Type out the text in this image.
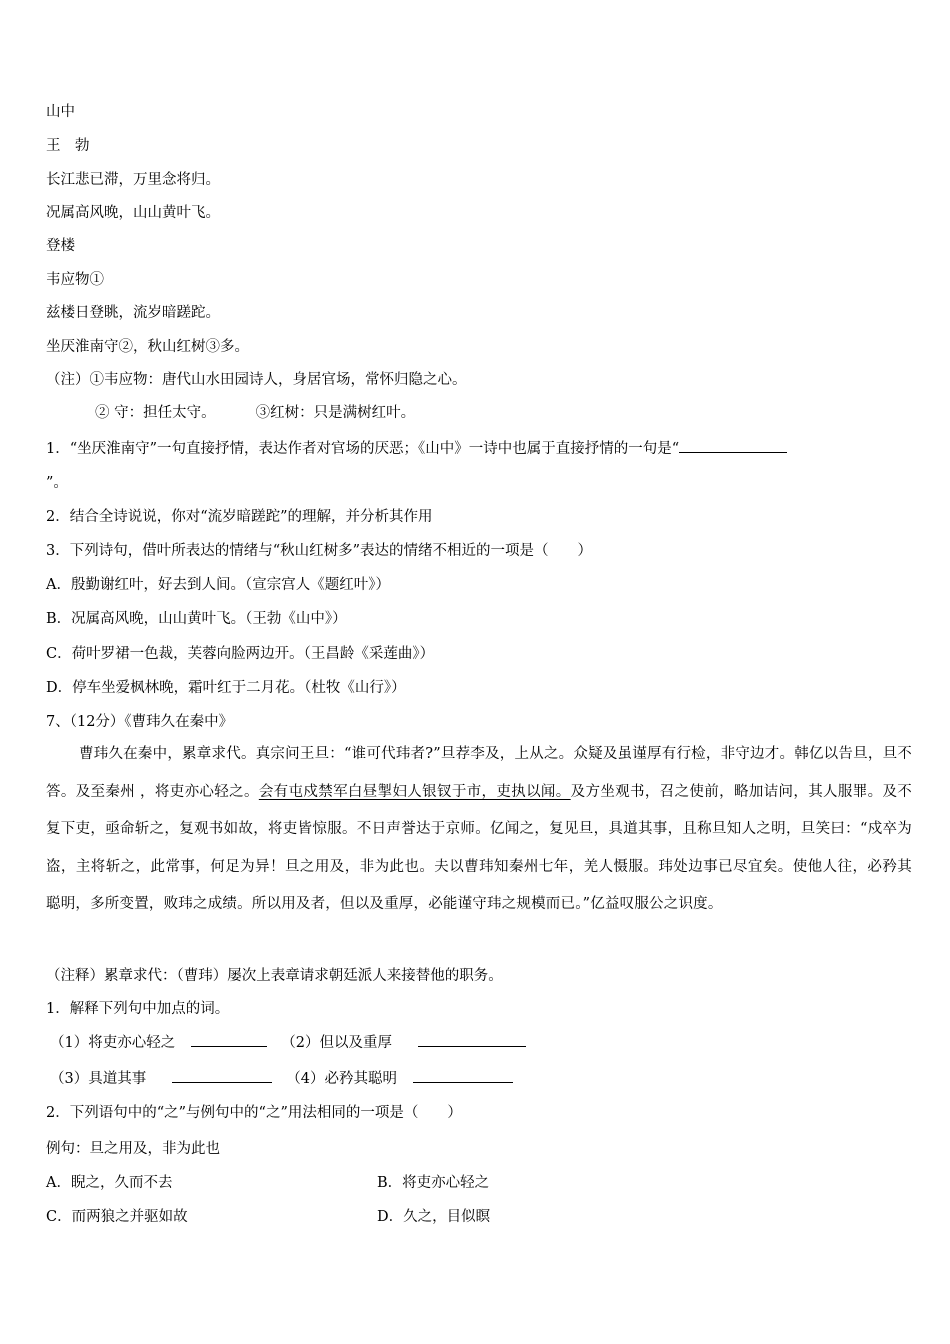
山中
王　勃
长江悲已滞，万里念将归。
况属高风晚，山山黄叶飞。
登楼
韦应物①
兹楼日登眺，流岁暗蹉跎。
坐厌淮南守②，秋山红树③多。
（注）①韦应物：唐代山水田园诗人，身居官场，常怀归隐之心。
② 守：担任太守。	③红树：只是满树红叶。
1．“坐厌淮南守”一句直接抒情，表达作者对官场的厌恶；《山中》一诗中也属于直接抒情的一句是“
”。
2．结合全诗说说，你对“流岁暗蹉跎”的理解，并分析其作用
3．下列诗句，借叶所表达的情绪与“秋山红树多”表达的情绪不相近的一项是（　　）
A．殷勤谢红叶，好去到人间。（宣宗宫人《题红叶》）
B．况属高风晚，山山黄叶飞。（王勃《山中》）
C．荷叶罗裙一色裁，芙蓉向脸两边开。（王昌龄《采莲曲》）
D．停车坐爱枫林晚，霜叶红于二月花。（杜牧《山行》）
7、（12分）《曹玮久在秦中》
曹玮久在秦中，累章求代。真宗问王旦：“谁可代玮者?”旦荐李及，上从之。众疑及虽谨厚有行检，非守边才。韩亿以告旦，旦不答。及至秦州 ，将吏亦心轻之。会有屯戍禁军白昼掣妇人银钗于市，吏执以闻。及方坐观书，召之使前，略加诘问，其人服罪。及不复下吏，亟命斩之，复观书如故，将吏皆惊服。不日声誉达于京师。亿闻之，复见旦，具道其事，且称旦知人之明，旦笑曰：“戍卒为盗，主将斩之，此常事，何足为异！旦之用及，非为此也。夫以曹玮知秦州七年，羌人慑服。玮处边事已尽宜矣。使他人往，必矜其聪明，多所变置，败玮之成绩。所以用及者，但以及重厚，必能谨守玮之规模而已。”亿益叹服公之识度。
（注释）累章求代：（曹玮）屡次上表章请求朝廷派人来接替他的职务。
1．解释下列句中加点的词。
（1）将吏亦心轻之	（2）但以及重厚
（3）具道其事	（4）必矜其聪明
2．下列语句中的“之”与例句中的“之”用法相同的一项是（　　）
例句：旦之用及，非为此也
A．睨之，久而不去	B．将吏亦心轻之
C．而两狼之并驱如故	D．久之，目似瞑
